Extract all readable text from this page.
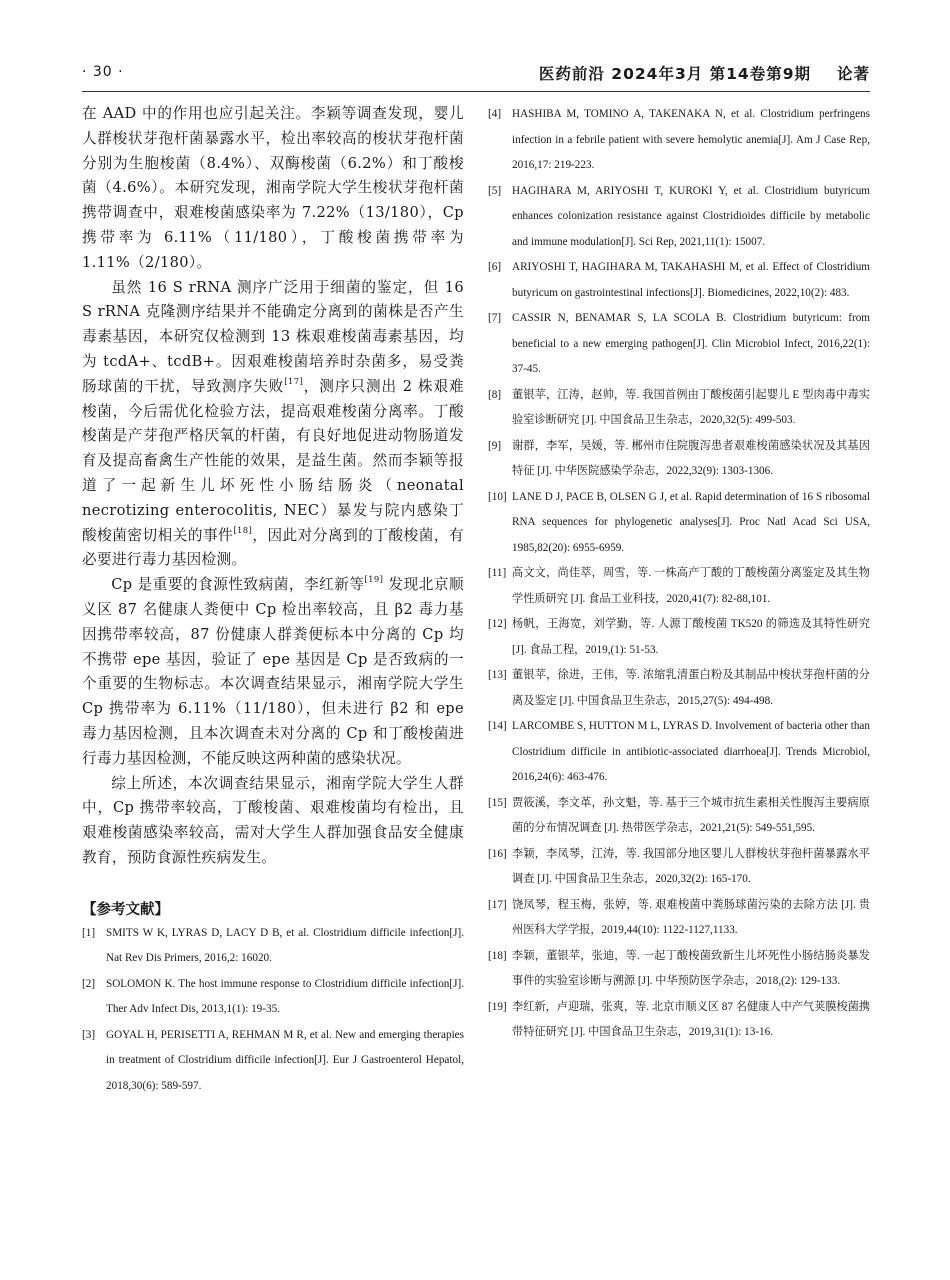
· 30 ·	医药前沿 2024年3月 第14卷第9期 论著

在 AAD 中的作用也应引起关注。李颖等调查发现，婴儿人群梭状芽孢杆菌暴露水平，检出率较高的梭状芽孢杆菌分别为生胞梭菌（8.4%）、双酶梭菌（6.2%）和丁酸梭菌（4.6%）。本研究发现，湘南学院大学生梭状芽孢杆菌携带调查中，艰难梭菌感染率为 7.22%（13/180），Cp 携带率为 6.11%（11/180），丁酸梭菌携带率为 1.11%（2/180）。

虽然 16 S rRNA 测序广泛用于细菌的鉴定，但 16 S rRNA 克隆测序结果并不能确定分离到的菌株是否产生毒素基因，本研究仅检测到 13 株艰难梭菌毒素基因，均为 tcdA+、tcdB+。因艰难梭菌培养时杂菌多，易受粪肠球菌的干扰，导致测序失败[17]，测序只测出 2 株艰难梭菌，今后需优化检验方法，提高艰难梭菌分离率。丁酸梭菌是产芽孢严格厌氧的杆菌，有良好地促进动物肠道发育及提高畜禽生产性能的效果，是益生菌。然而李颖等报道了一起新生儿坏死性小肠结肠炎（neonatal necrotizing enterocolitis, NEC）暴发与院内感染丁酸梭菌密切相关的事件[18]，因此对分离到的丁酸梭菌，有必要进行毒力基因检测。

Cp 是重要的食源性致病菌，李红新等[19] 发现北京顺义区 87 名健康人粪便中 Cp 检出率较高，且 β2 毒力基因携带率较高，87 份健康人群粪便标本中分离的 Cp 均不携带 epe 基因，验证了 epe 基因是 Cp 是否致病的一个重要的生物标志。本次调查结果显示，湘南学院大学生 Cp 携带率为 6.11%（11/180），但未进行 β2 和 epe 毒力基因检测，且本次调查未对分离的 Cp 和丁酸梭菌进行毒力基因检测，不能反映这两种菌的感染状况。

综上所述，本次调查结果显示，湘南学院大学生人群中，Cp 携带率较高，丁酸梭菌、艰难梭菌均有检出，且艰难梭菌感染率较高，需对大学生人群加强食品安全健康教育，预防食源性疾病发生。

【参考文献】
[1] SMITS W K, LYRAS D, LACY D B, et al. Clostridium difficile infection[J]. Nat Rev Dis Primers, 2016,2: 16020.
[2] SOLOMON K. The host immune response to Clostridium difficile infection[J]. Ther Adv Infect Dis, 2013,1(1): 19-35.
[3] GOYAL H, PERISETTI A, REHMAN M R, et al. New and emerging therapies in treatment of Clostridium difficile infection[J]. Eur J Gastroenterol Hepatol, 2018,30(6): 589-597.
[4] HASHIBA M, TOMINO A, TAKENAKA N, et al. Clostridium perfringens infection in a febrile patient with severe hemolytic anemia[J]. Am J Case Rep, 2016,17: 219-223.
[5] HAGIHARA M, ARIYOSHI T, KUROKI Y, et al. Clostridium butyricum enhances colonization resistance against Clostridioides difficile by metabolic and immune modulation[J]. Sci Rep, 2021,11(1): 15007.
[6] ARIYOSHI T, HAGIHARA M, TAKAHASHI M, et al. Effect of Clostridium butyricum on gastrointestinal infections[J]. Biomedicines, 2022,10(2): 483.
[7] CASSIR N, BENAMAR S, LA SCOLA B. Clostridium butyricum: from beneficial to a new emerging pathogen[J]. Clin Microbiol Infect, 2016,22(1): 37-45.
[8] 董银苹，江涛，赵帅，等. 我国首例由丁酸梭菌引起婴儿 E 型肉毒中毒实验室诊断研究 [J]. 中国食品卫生杂志，2020,32(5): 499-503.
[9] 谢群，李军，吴媛，等. 郴州市住院腹泻患者艰难梭菌感染状况及其基因特征 [J]. 中华医院感染学杂志，2022,32(9): 1303-1306.
[10] LANE D J, PACE B, OLSEN G J, et al. Rapid determination of 16 S ribosomal RNA sequences for phylogenetic analyses[J]. Proc Natl Acad Sci USA, 1985,82(20): 6955-6959.
[11] 高文文，尚佳萃，周雪，等. 一株高产丁酸的丁酸梭菌分离鉴定及其生物学性质研究 [J]. 食品工业科技，2020,41(7): 82-88,101.
[12] 杨帆，王海宽，刘学勤，等. 人源丁酸梭菌 TK520 的筛选及其特性研究 [J]. 食品工程，2019,(1): 51-53.
[13] 董银苹，徐进，王伟，等. 浓缩乳清蛋白粉及其制品中梭状芽孢杆菌的分离及鉴定 [J]. 中国食品卫生杂志，2015,27(5): 494-498.
[14] LARCOMBE S, HUTTON M L, LYRAS D. Involvement of bacteria other than Clostridium difficile in antibiotic-associated diarrhoea[J]. Trends Microbiol, 2016,24(6): 463-476.
[15] 贾筱溪，李文革，孙文魁，等. 基于三个城市抗生素相关性腹泻主要病原菌的分布情况调查 [J]. 热带医学杂志，2021,21(5): 549-551,595.
[16] 李颖，李凤琴，江涛，等. 我国部分地区婴儿人群梭状芽孢杆菌暴露水平调查 [J]. 中国食品卫生杂志，2020,32(2): 165-170.
[17] 饶凤琴，程玉梅，张婷，等. 艰难梭菌中粪肠球菌污染的去除方法 [J]. 贵州医科大学学报，2019,44(10): 1122-1127,1133.
[18] 李颖，董银苹，张迪，等. 一起丁酸梭菌致新生儿坏死性小肠结肠炎暴发事件的实验室诊断与溯源 [J]. 中华预防医学杂志，2018,(2): 129-133.
[19] 李红新，卢迎瑞，张爽，等. 北京市顺义区 87 名健康人中产气荚膜梭菌携带特征研究 [J]. 中国食品卫生杂志，2019,31(1): 13-16.
